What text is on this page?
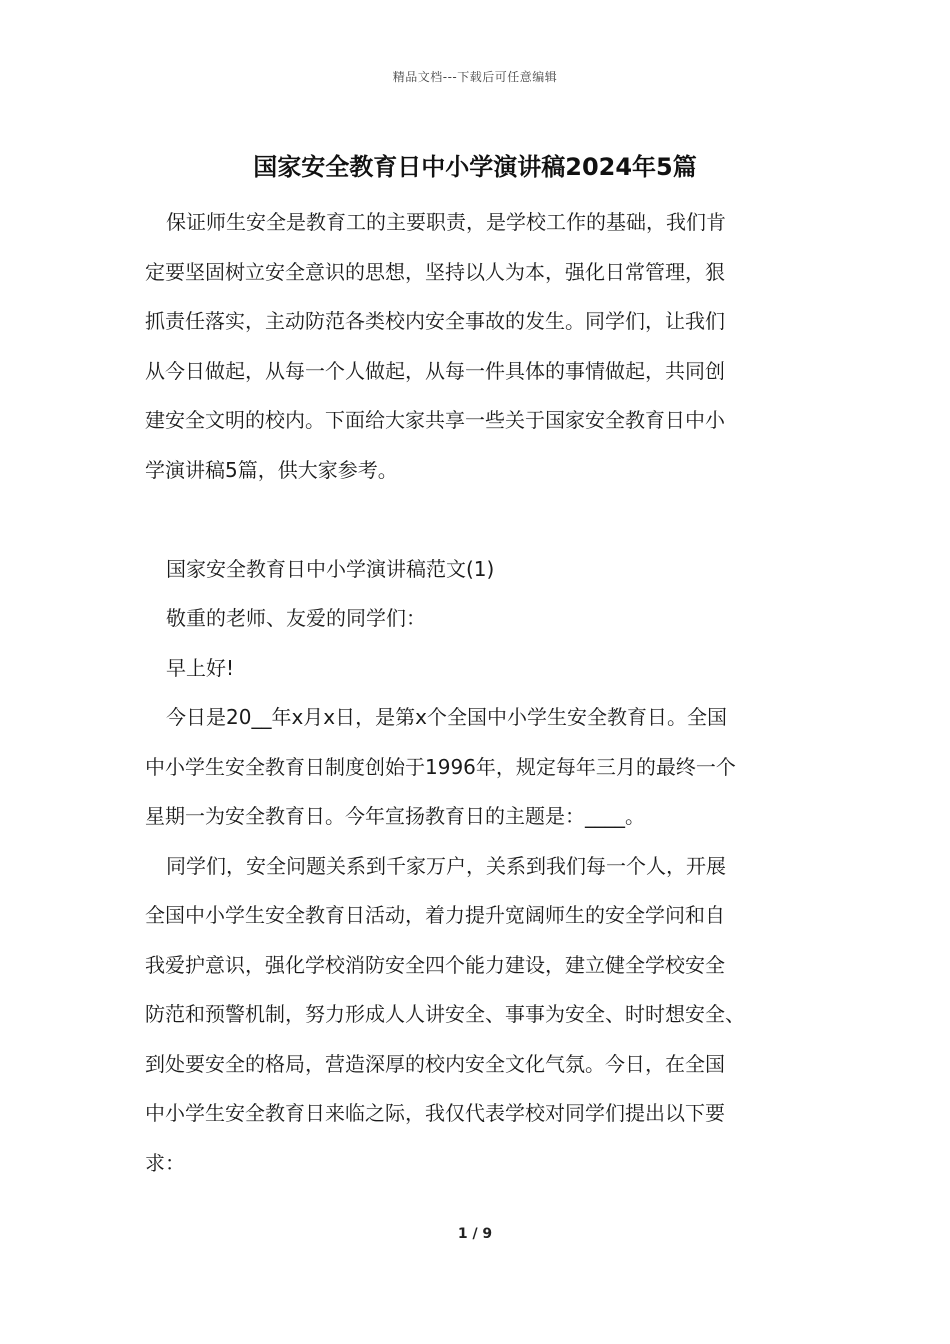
精品文档---下载后可任意编辑
国家安全教育日中小学演讲稿2024年5篇
保证师生安全是教育工的主要职责，是学校工作的基础，我们肯
定要坚固树立安全意识的思想，坚持以人为本，强化日常管理，狠
抓责任落实，主动防范各类校内安全事故的发生。同学们，让我们
从今日做起，从每一个人做起，从每一件具体的事情做起，共同创
建安全文明的校内。下面给大家共享一些关于国家安全教育日中小
学演讲稿5篇，供大家参考。
国家安全教育日中小学演讲稿范文(1)
敬重的老师、友爱的同学们：
早上好!
今日是20__年x月x日，是第x个全国中小学生安全教育日。全国
中小学生安全教育日制度创始于1996年，规定每年三月的最终一个
星期一为安全教育日。今年宣扬教育日的主题是：____。
同学们，安全问题关系到千家万户，关系到我们每一个人，开展
全国中小学生安全教育日活动，着力提升宽阔师生的安全学问和自
我爱护意识，强化学校消防安全四个能力建设，建立健全学校安全
防范和预警机制，努力形成人人讲安全、事事为安全、时时想安全、
到处要安全的格局，营造深厚的校内安全文化气氛。今日，在全国
中小学生安全教育日来临之际，我仅代表学校对同学们提出以下要
求：
1 / 9
